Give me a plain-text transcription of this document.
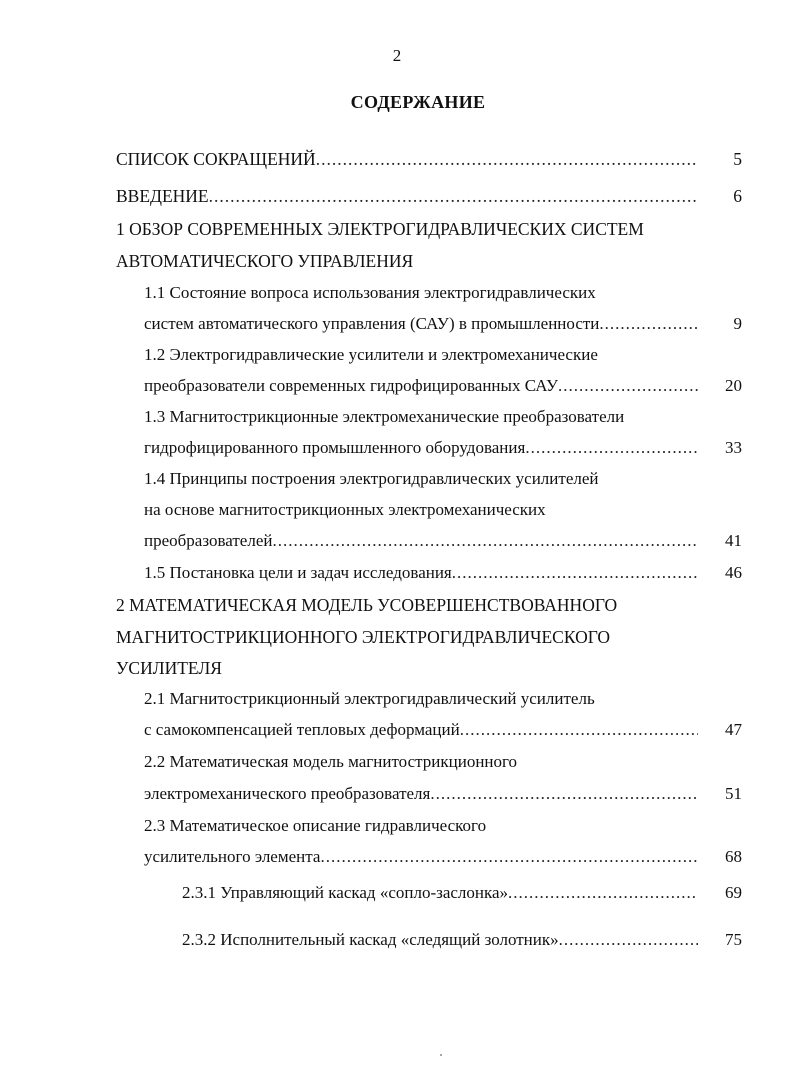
2
СОДЕРЖАНИЕ
СПИСОК СОКРАЩЕНИЙ .....	5
ВВЕДЕНИЕ .....	6
1 ОБЗОР СОВРЕМЕННЫХ ЭЛЕКТРОГИДРАВЛИЧЕСКИХ СИСТЕМ
АВТОМАТИЧЕСКОГО УПРАВЛЕНИЯ
1.1 Состояние вопроса использования электрогидравлических
систем автоматического управления (САУ) в промышленности .....	9
1.2 Электрогидравлические усилители и электромеханические
преобразователи современных гидрофицированных САУ .....	20
1.3 Магнитострикционные электромеханические преобразователи
гидрофицированного промышленного оборудования .....	33
1.4 Принципы построения электрогидравлических усилителей
на основе магнитострикционных электромеханических
преобразователей .....	41
1.5 Постановка цели и задач исследования .....	46
2 МАТЕМАТИЧЕСКАЯ МОДЕЛЬ УСОВЕРШЕНСТВОВАННОГО
МАГНИТОСТРИКЦИОННОГО ЭЛЕКТРОГИДРАВЛИЧЕСКОГО
УСИЛИТЕЛЯ
2.1 Магнитострикционный электрогидравлический усилитель
с самокомпенсацией тепловых деформаций .....	47
2.2 Математическая модель магнитострикционного
электромеханического преобразователя .....	51
2.3 Математическое описание гидравлического
усилительного элемента .....	68
2.3.1 Управляющий каскад «сопло-заслонка» .....	69
2.3.2 Исполнительный каскад «следящий золотник» .....	75
